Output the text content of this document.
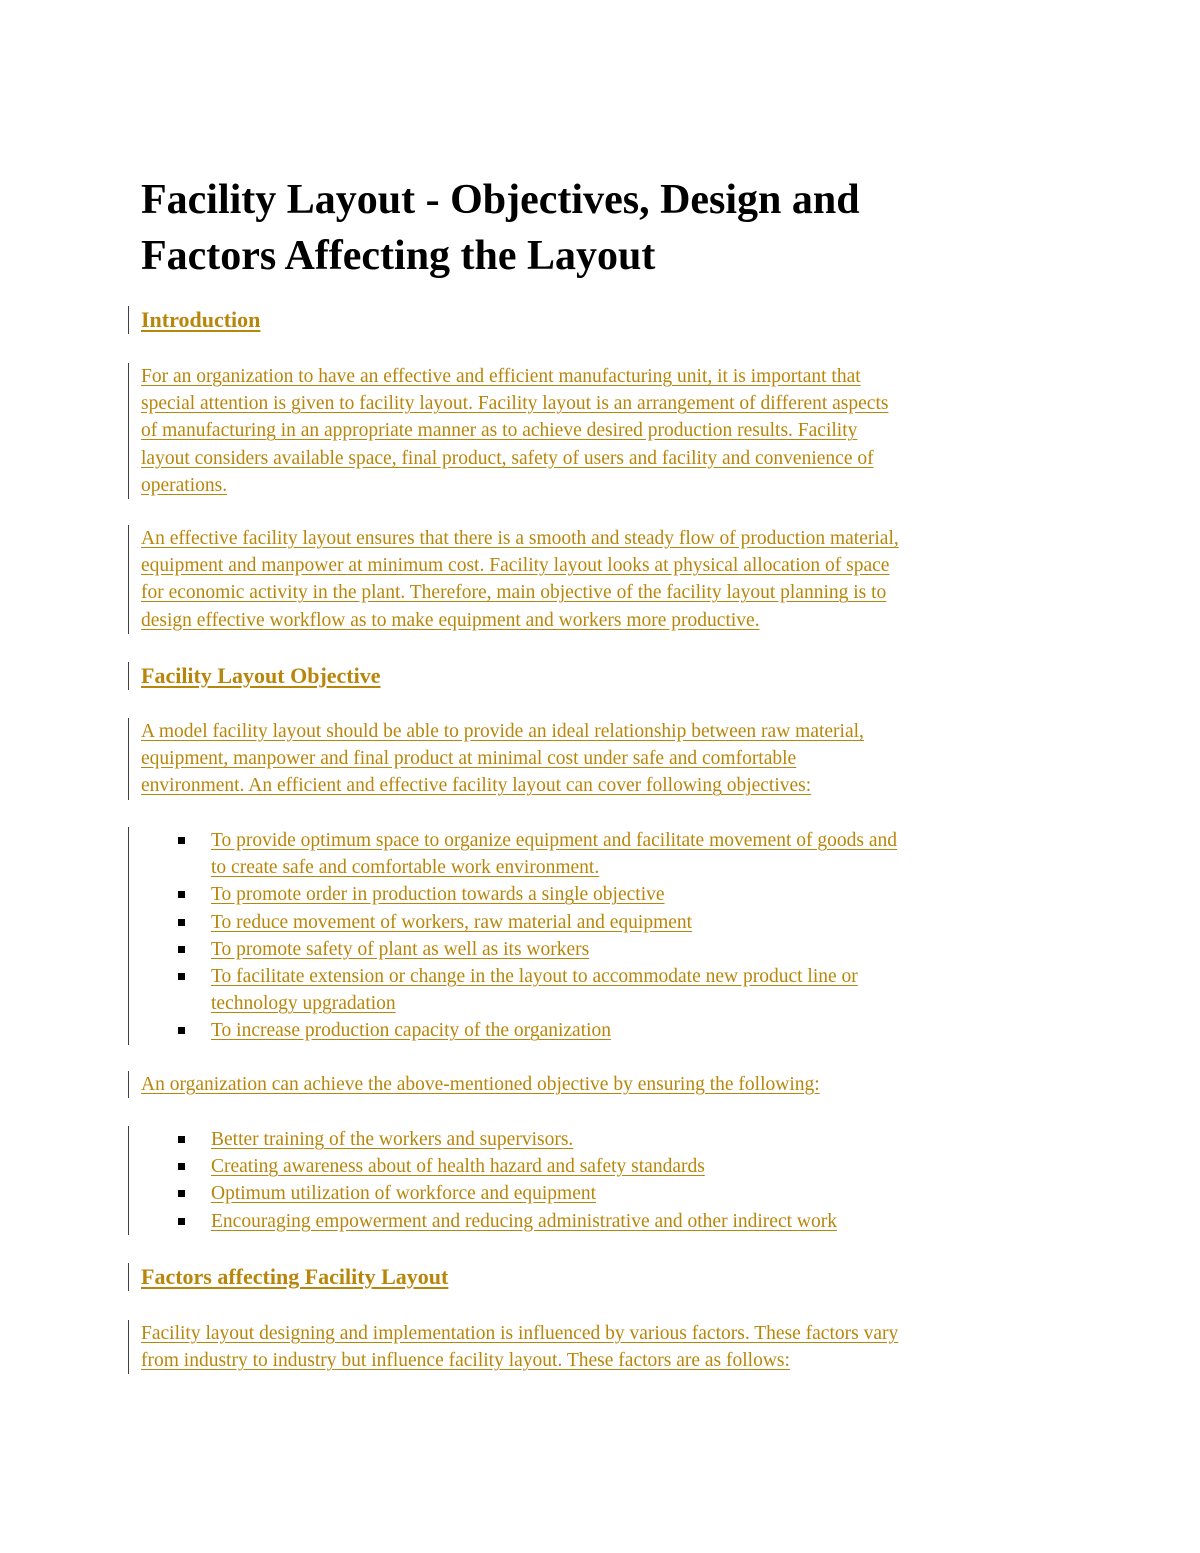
Facility Layout - Objectives, Design and
Factors Affecting the Layout
Introduction

For an organization to have an effective and efficient manufacturing unit, it is important that
special attention is given to facility layout. Facility layout is an arrangement of different aspects
of manufacturing in an appropriate manner as to achieve desired production results. Facility
layout considers available space, final product, safety of users and facility and convenience of
operations.

An effective facility layout ensures that there is a smooth and steady flow of production material,
equipment and manpower at minimum cost. Facility layout looks at physical allocation of space
for economic activity in the plant. Therefore, main objective of the facility layout planning is to
design effective workflow as to make equipment and workers more productive.

Facility Layout Objective

A model facility layout should be able to provide an ideal relationship between raw material,
equipment, manpower and final product at minimal cost under safe and comfortable
environment. An efficient and effective facility layout can cover following objectives:

To provide optimum space to organize equipment and facilitate movement of goods and
to create safe and comfortable work environment.
To promote order in production towards a single objective
To reduce movement of workers, raw material and equipment
To promote safety of plant as well as its workers
To facilitate extension or change in the layout to accommodate new product line or
technology upgradation
To increase production capacity of the organization

An organization can achieve the above-mentioned objective by ensuring the following:

Better training of the workers and supervisors.
Creating awareness about of health hazard and safety standards
Optimum utilization of workforce and equipment
Encouraging empowerment and reducing administrative and other indirect work
Factors affecting Facility Layout

Facility layout designing and implementation is influenced by various factors. These factors vary
from industry to industry but influence facility layout. These factors are as follows:
